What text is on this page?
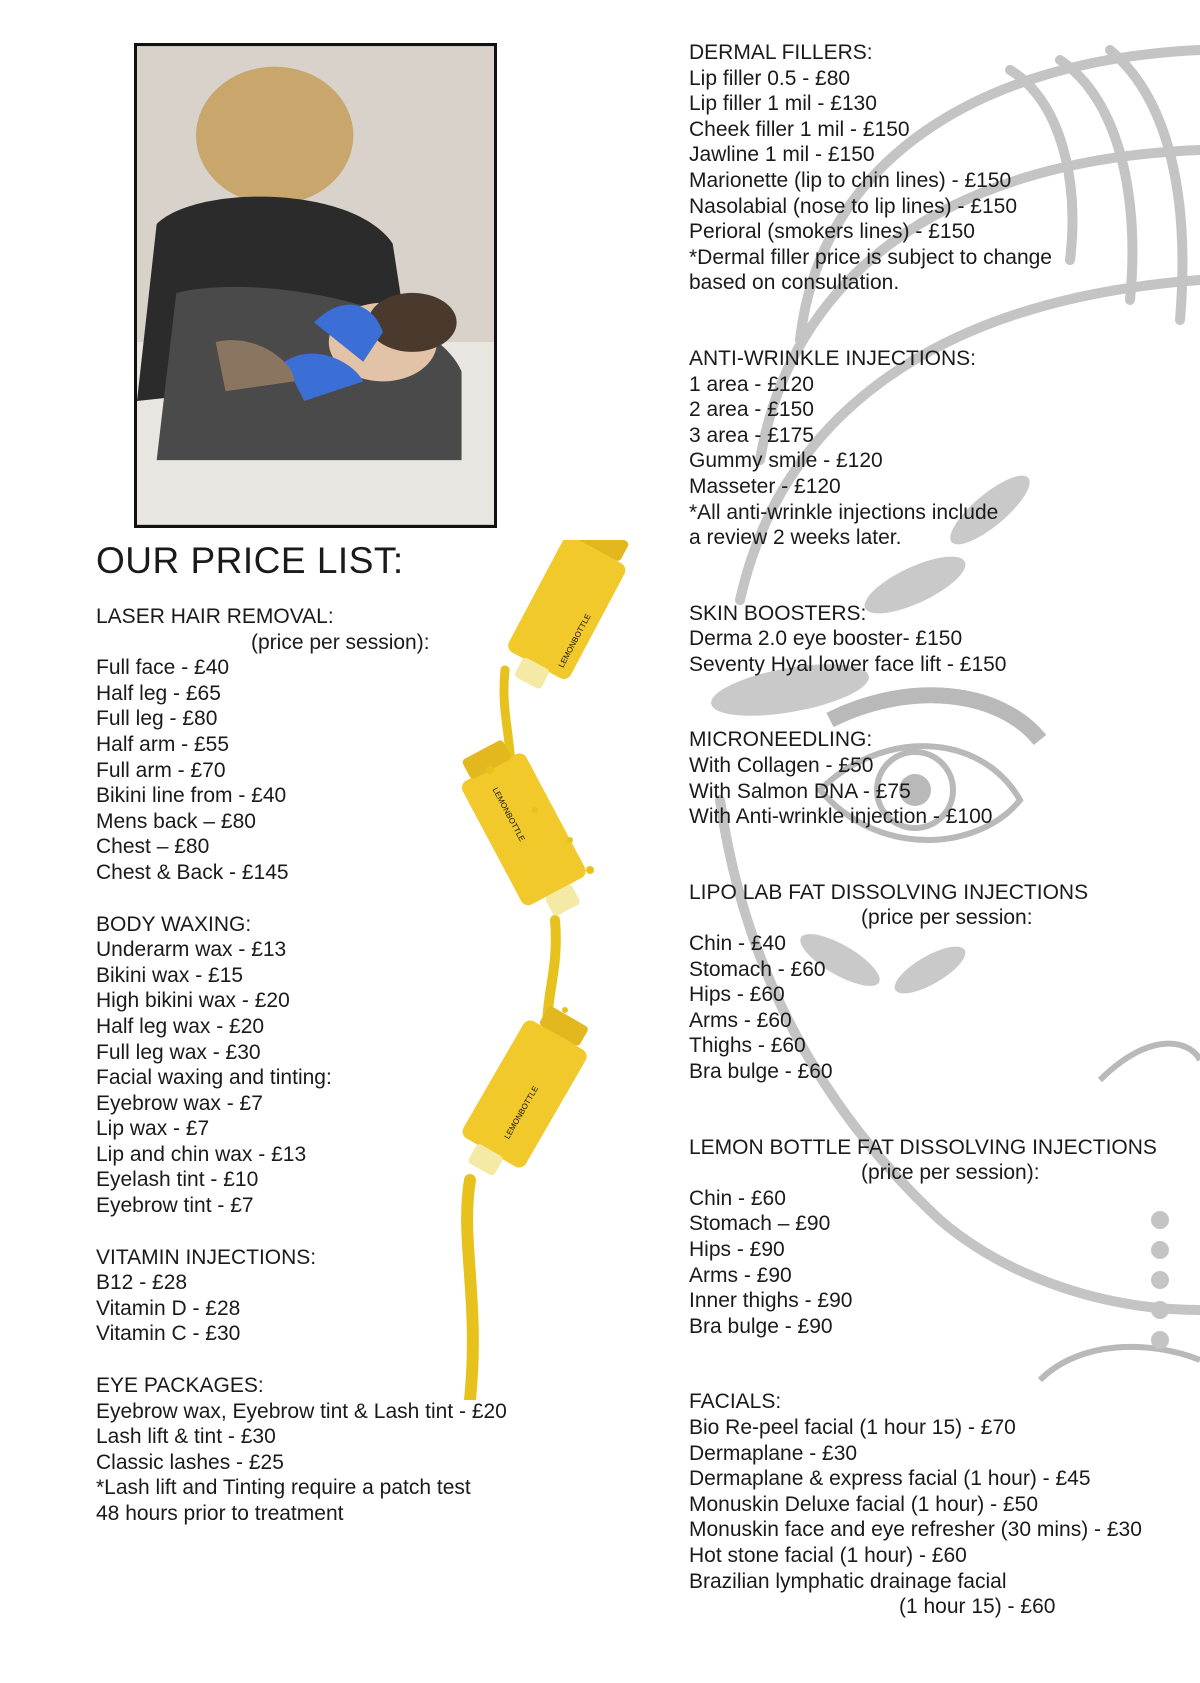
LEMONBOTTLE
LEMONBOTTLE
LEMONBOTTLE
OUR PRICE LIST:
LASER HAIR REMOVAL:
(price per session):
Full face - £40
Half leg - £65
Full leg - £80
Half arm - £55
Full arm - £70
Bikini line from - £40
Mens back – £80
Chest – £80
Chest & Back - £145
BODY WAXING:
Underarm wax - £13
Bikini wax - £15
High bikini wax - £20
Half leg wax - £20
Full leg wax - £30
Facial waxing and tinting:
Eyebrow wax - £7
Lip wax - £7
Lip and chin wax - £13
Eyelash tint - £10
Eyebrow tint - £7
VITAMIN INJECTIONS:
B12 - £28
Vitamin D - £28
Vitamin C - £30
EYE PACKAGES:
Eyebrow wax, Eyebrow tint & Lash tint - £20
Lash lift & tint - £30
Classic lashes - £25
*Lash lift and Tinting require a patch test
48 hours prior to treatment
DERMAL FILLERS:
Lip filler 0.5 - £80
Lip filler 1 mil - £130
Cheek filler 1 mil - £150
Jawline 1 mil - £150
Marionette (lip to chin lines) - £150
Nasolabial (nose to lip lines) - £150
Perioral (smokers lines) - £150
*Dermal filler price is subject to change
based on consultation.
ANTI-WRINKLE INJECTIONS:
1 area - £120
2 area - £150
3 area - £175
Gummy smile - £120
Masseter - £120
*All anti-wrinkle injections include
a review 2 weeks later.
SKIN BOOSTERS:
Derma 2.0 eye booster- £150
Seventy Hyal lower face lift - £150
MICRONEEDLING:
With Collagen - £50
With Salmon DNA - £75
With Anti-wrinkle injection - £100
LIPO LAB FAT DISSOLVING INJECTIONS
(price per session:
Chin - £40
Stomach - £60
Hips - £60
Arms - £60
Thighs - £60
Bra bulge - £60
LEMON BOTTLE FAT DISSOLVING INJECTIONS
(price per session):
Chin - £60
Stomach – £90
Hips - £90
Arms - £90
Inner thighs - £90
Bra bulge - £90
FACIALS:
Bio Re-peel facial (1 hour 15) - £70
Dermaplane - £30
Dermaplane & express facial (1 hour) - £45
Monuskin Deluxe facial (1 hour) - £50
Monuskin face and eye refresher (30 mins) - £30
Hot stone facial (1 hour) - £60
Brazilian lymphatic drainage facial
(1 hour 15) - £60
